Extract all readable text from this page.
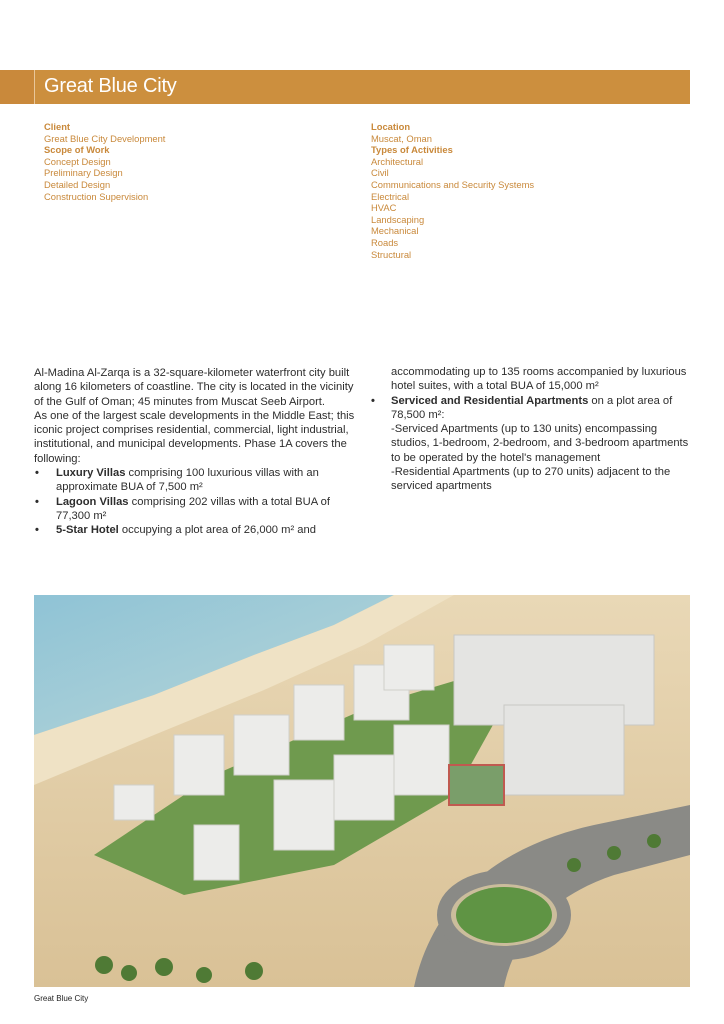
Great Blue City
Client
Great Blue City Development
Scope of Work
Concept Design
Preliminary Design
Detailed Design
Construction Supervision
Location
Muscat, Oman
Types of Activities
Architectural
Civil
Communications and Security Systems
Electrical
HVAC
Landscaping
Mechanical
Roads
Structural

Al-Madina Al-Zarqa is a 32-square-kilometer waterfront city built along 16 kilometers of coastline. The city is located in the vicinity of the Gulf of Oman; 45 minutes from Muscat Seeb Airport.

As one of the largest scale developments in the Middle East; this iconic project comprises residential, commercial, light industrial, institutional, and municipal developments. Phase 1A covers the following:

• Luxury Villas comprising 100 luxurious villas with an approximate BUA of 7,500 m²
• Lagoon Villas comprising 202 villas with a total BUA of 77,300 m²
• 5-Star Hotel occupying a plot area of 26,000 m² and

accommodating up to 135 rooms accompanied by luxurious hotel suites, with a total BUA of 15,000 m²

• Serviced and Residential Apartments on a plot area of 78,500 m²:

-Serviced Apartments (up to 130 units) encompassing studios, 1-bedroom, 2-bedroom, and 3-bedroom apartments to be operated by the hotel's management

-Residential Apartments (up to 270 units) adjacent to the serviced apartments

Great Blue City
